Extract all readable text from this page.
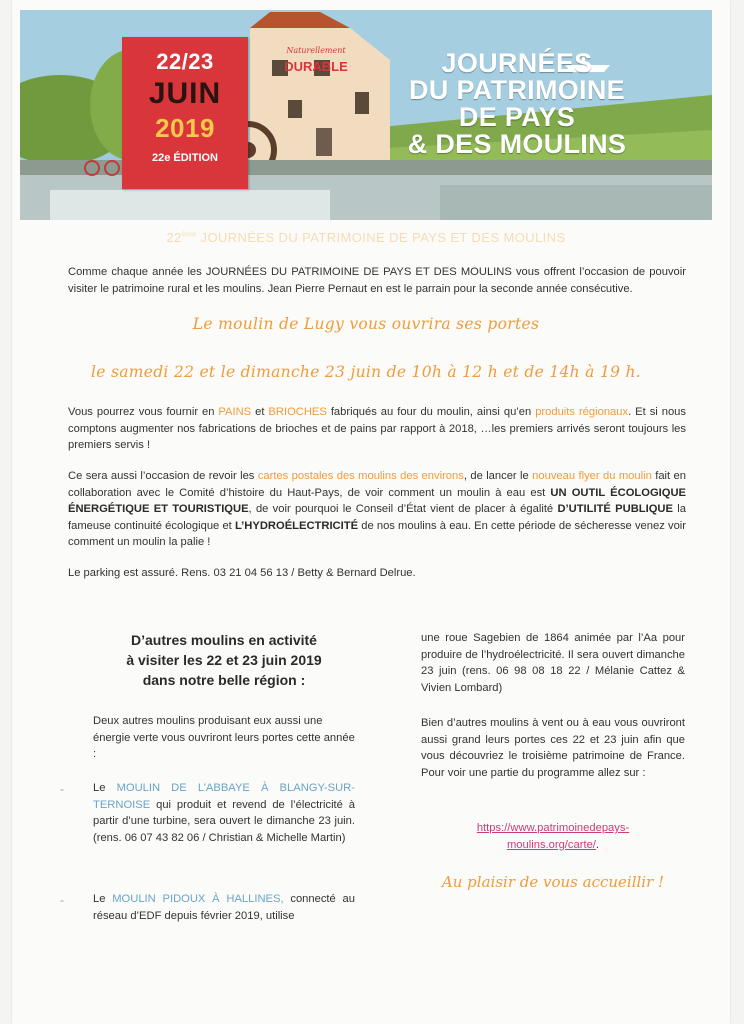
22/23
JUIN
2019
22e ÉDITION
Naturellement
DURABLE	JOURNÉES
DU PATRIMOINE
DE PAYS
& DES MOULINS
22ème JOURNÉES DU PATRIMOINE DE PAYS ET DES MOULINS
Comme chaque année les JOURNÉES DU PATRIMOINE DE PAYS ET DES MOULINS vous offrent l’occasion de pouvoir visiter le patrimoine rural et les moulins. Jean Pierre Pernaut en est le parrain pour la seconde année consécutive.
Le moulin de Lugy vous ouvrira ses portes
le samedi 22 et le dimanche 23 juin de 10h à 12 h et de 14h à 19 h.
Vous pourrez vous fournir en PAINS et BRIOCHES fabriqués au four du moulin, ainsi qu’en produits régionaux. Et si nous comptons augmenter nos fabrications de brioches et de pains par rapport à 2018, …les premiers arrivés seront toujours les premiers servis !
Ce sera aussi l’occasion de revoir les cartes postales des moulins des environs, de lancer le nouveau flyer du moulin fait en collaboration avec le Comité d’histoire du Haut-Pays, de voir comment un moulin à eau est UN OUTIL ÉCOLOGIQUE ÉNERGÉTIQUE ET TOURISTIQUE, de voir pourquoi le Conseil d’État vient de placer à égalité D’UTILITÉ PUBLIQUE la fameuse continuité écologique et L’HYDROÉLECTRICITÉ de nos moulins à eau. En cette période de sécheresse venez voir comment un moulin la palie !
Le parking est assuré. Rens. 03 21 04 56 13 / Betty & Bernard Delrue.
D’autres moulins en activité
à visiter les 22 et 23 juin 2019
dans notre belle région :
Deux autres moulins produisant eux aussi une énergie verte vous ouvriront leurs portes cette année :
-	Le MOULIN DE L’ABBAYE À BLANGY-SUR-TERNOISE qui produit et revend de l’électricité à partir d’une turbine, sera ouvert le dimanche 23 juin. (rens. 06 07 43 82 06 / Christian & Michelle Martin)
-	Le MOULIN PIDOUX À HALLINES, connecté au réseau d’EDF depuis février 2019, utilise
une roue Sagebien de 1864 animée par l’Aa pour produire de l’hydroélectricité. Il sera ouvert dimanche 23 juin (rens. 06 98 08 18 22 / Mélanie Cattez & Vivien Lombard)
Bien d’autres moulins à vent ou à eau vous ouvriront aussi grand leurs portes ces 22 et 23 juin afin que vous découvriez le troisième patrimoine de France. Pour voir une partie du programme allez sur :
https://www.patrimoinedepays-
moulins.org/carte/.
Au plaisir de vous accueillir !
